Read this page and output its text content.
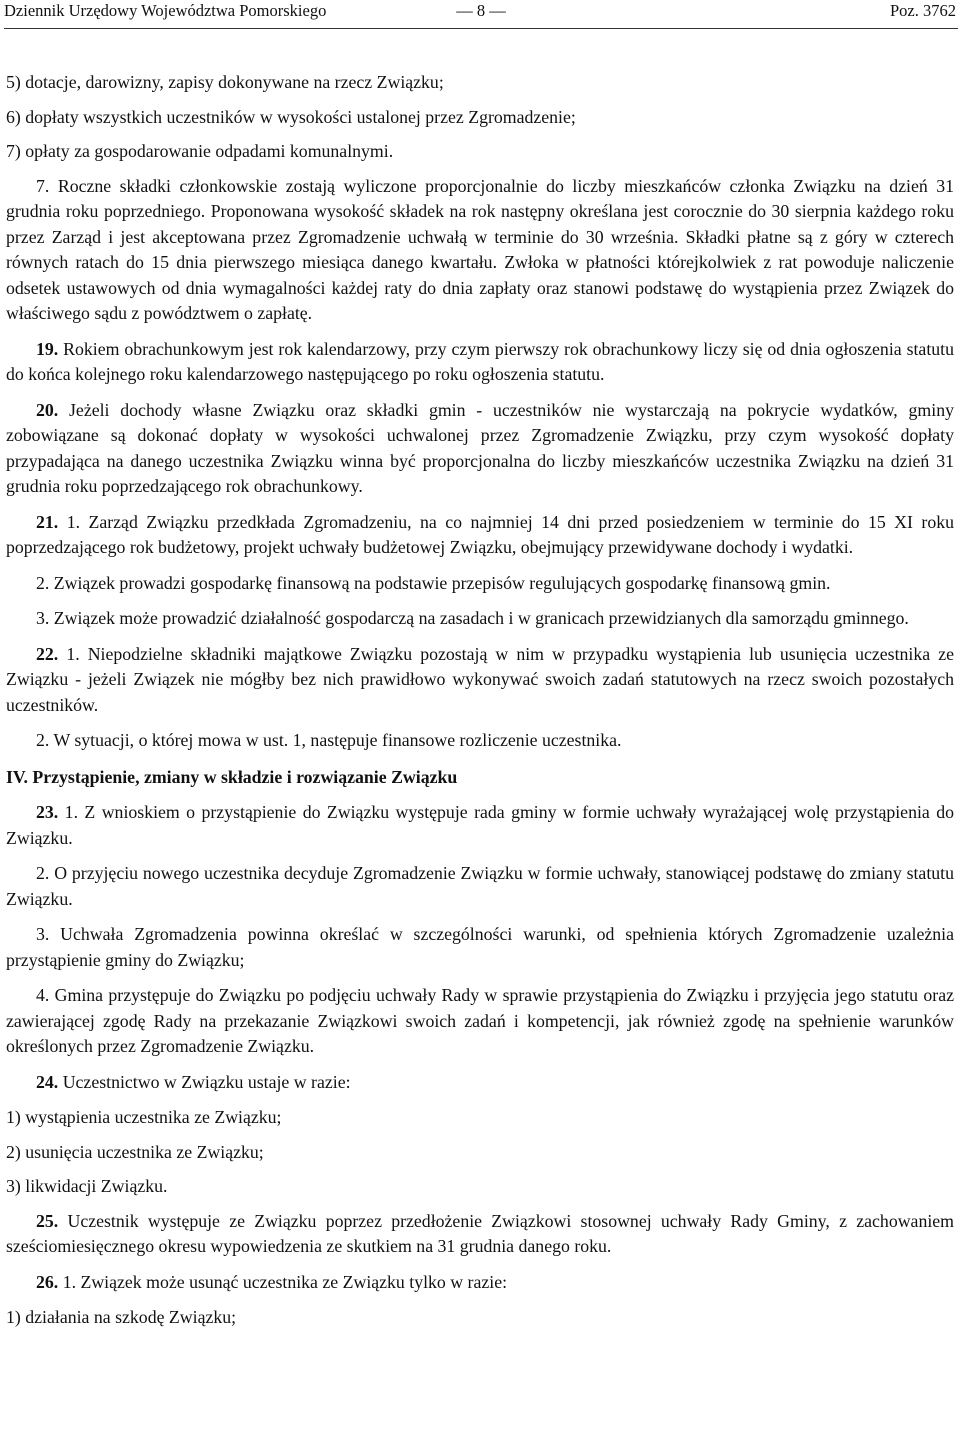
Dziennik Urzędowy Województwa Pomorskiego	— 8 —	Poz. 3762

5) dotacje, darowizny, zapisy dokonywane na rzecz Związku;

6) dopłaty wszystkich uczestników w wysokości ustalonej przez Zgromadzenie;

7) opłaty za gospodarowanie odpadami komunalnymi.

7. Roczne składki członkowskie zostają wyliczone proporcjonalnie do liczby mieszkańców członka Związku na dzień 31 grudnia roku poprzedniego. Proponowana wysokość składek na rok następny określana jest corocznie do 30 sierpnia każdego roku przez Zarząd i jest akceptowana przez Zgromadzenie uchwałą w terminie do 30 września. Składki płatne są z góry w czterech równych ratach do 15 dnia pierwszego miesiąca danego kwartału. Zwłoka w płatności którejkolwiek z rat powoduje naliczenie odsetek ustawowych od dnia wymagalności każdej raty do dnia zapłaty oraz stanowi podstawę do wystąpienia przez Związek do właściwego sądu z powództwem o zapłatę.

19. Rokiem obrachunkowym jest rok kalendarzowy, przy czym pierwszy rok obrachunkowy liczy się od dnia ogłoszenia statutu do końca kolejnego roku kalendarzowego następującego po roku ogłoszenia statutu.

20. Jeżeli dochody własne Związku oraz składki gmin - uczestników nie wystarczają na pokrycie wydatków, gminy zobowiązane są dokonać dopłaty w wysokości uchwalonej przez Zgromadzenie Związku, przy czym wysokość dopłaty przypadająca na danego uczestnika Związku winna być proporcjonalna do liczby mieszkańców uczestnika Związku na dzień 31 grudnia roku poprzedzającego rok obrachunkowy.

21. 1. Zarząd Związku przedkłada Zgromadzeniu, na co najmniej 14 dni przed posiedzeniem w terminie do 15 XI roku poprzedzającego rok budżetowy, projekt uchwały budżetowej Związku, obejmujący przewidywane dochody i wydatki.

2. Związek prowadzi gospodarkę finansową na podstawie przepisów regulujących gospodarkę finansową gmin.

3. Związek może prowadzić działalność gospodarczą na zasadach i w granicach przewidzianych dla samorządu gminnego.

22. 1. Niepodzielne składniki majątkowe Związku pozostają w nim w przypadku wystąpienia lub usunięcia uczestnika ze Związku - jeżeli Związek nie mógłby bez nich prawidłowo wykonywać swoich zadań statutowych na rzecz swoich pozostałych uczestników.

2. W sytuacji, o której mowa w ust. 1, następuje finansowe rozliczenie uczestnika.

IV. Przystąpienie, zmiany w składzie i rozwiązanie Związku

23. 1. Z wnioskiem o przystąpienie do Związku występuje rada gminy w formie uchwały wyrażającej wolę przystąpienia do Związku.

2. O przyjęciu nowego uczestnika decyduje Zgromadzenie Związku w formie uchwały, stanowiącej podstawę do zmiany statutu Związku.

3. Uchwała Zgromadzenia powinna określać w szczególności warunki, od spełnienia których Zgromadzenie uzależnia przystąpienie gminy do Związku;

4. Gmina przystępuje do Związku po podjęciu uchwały Rady w sprawie przystąpienia do Związku i przyjęcia jego statutu oraz zawierającej zgodę Rady na przekazanie Związkowi swoich zadań i kompetencji, jak również zgodę na spełnienie warunków określonych przez Zgromadzenie Związku.

24. Uczestnictwo w Związku ustaje w razie:

1) wystąpienia uczestnika ze Związku;

2) usunięcia uczestnika ze Związku;

3) likwidacji Związku.

25. Uczestnik występuje ze Związku poprzez przedłożenie Związkowi stosownej uchwały Rady Gminy, z zachowaniem sześciomiesięcznego okresu wypowiedzenia ze skutkiem na 31 grudnia danego roku.

26. 1. Związek może usunąć uczestnika ze Związku tylko w razie:

1) działania na szkodę Związku;
